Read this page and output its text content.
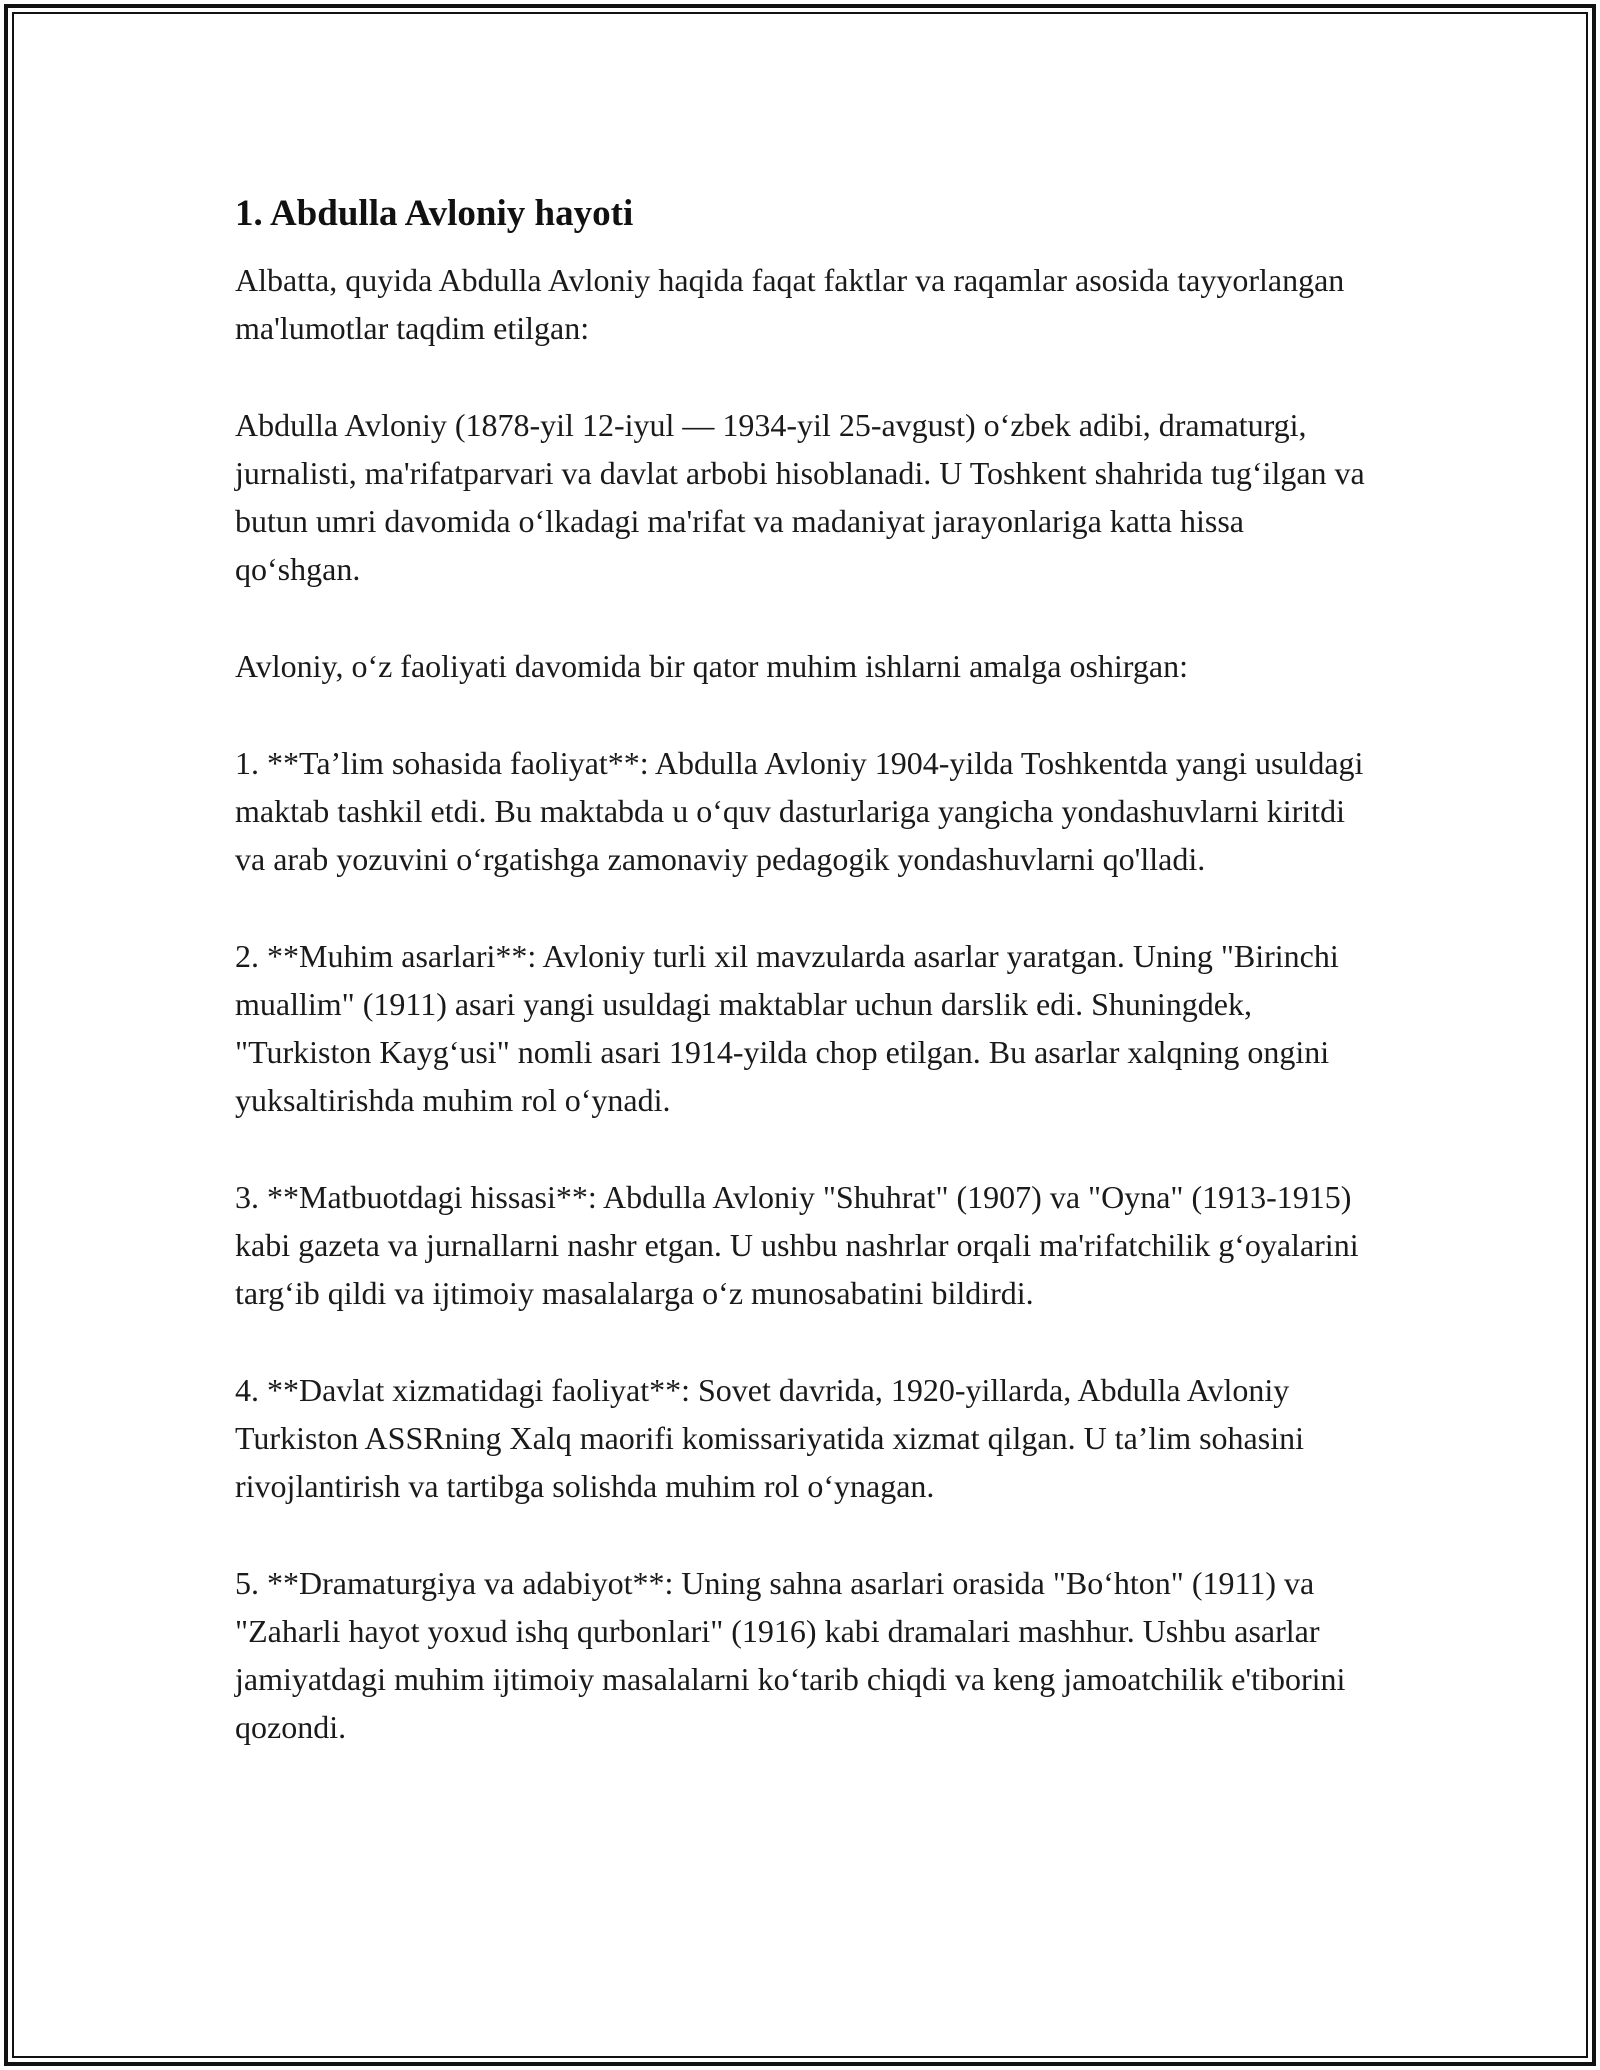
1. Abdulla Avloniy hayoti

Albatta, quyida Abdulla Avloniy haqida faqat faktlar va raqamlar asosida tayyorlangan ma'lumotlar taqdim etilgan:

Abdulla Avloniy (1878-yil 12-iyul — 1934-yil 25-avgust) o‘zbek adibi, dramaturgi, jurnalisti, ma'rifatparvari va davlat arbobi hisoblanadi. U Toshkent shahrida tug‘ilgan va butun umri davomida o‘lkadagi ma'rifat va madaniyat jarayonlariga katta hissa qo‘shgan.

Avloniy, o‘z faoliyati davomida bir qator muhim ishlarni amalga oshirgan:

1. **Ta’lim sohasida faoliyat**: Abdulla Avloniy 1904-yilda Toshkentda yangi usuldagi maktab tashkil etdi. Bu maktabda u o‘quv dasturlariga yangicha yondashuvlarni kiritdi va arab yozuvini o‘rgatishga zamonaviy pedagogik yondashuvlarni qo'lladi.

2. **Muhim asarlari**: Avloniy turli xil mavzularda asarlar yaratgan. Uning "Birinchi muallim" (1911) asari yangi usuldagi maktablar uchun darslik edi. Shuningdek, "Turkiston Kayg‘usi" nomli asari 1914-yilda chop etilgan. Bu asarlar xalqning ongini yuksaltirishda muhim rol o‘ynadi.

3. **Matbuotdagi hissasi**: Abdulla Avloniy "Shuhrat" (1907) va "Oyna" (1913-1915) kabi gazeta va jurnallarni nashr etgan. U ushbu nashrlar orqali ma'rifatchilik g‘oyalarini targ‘ib qildi va ijtimoiy masalalarga o‘z munosabatini bildirdi.

4. **Davlat xizmatidagi faoliyat**: Sovet davrida, 1920-yillarda, Abdulla Avloniy Turkiston ASSRning Xalq maorifi komissariyatida xizmat qilgan. U ta’lim sohasini rivojlantirish va tartibga solishda muhim rol o‘ynagan.

5. **Dramaturgiya va adabiyot**: Uning sahna asarlari orasida "Bo‘hton" (1911) va "Zaharli hayot yoxud ishq qurbonlari" (1916) kabi dramalari mashhur. Ushbu asarlar jamiyatdagi muhim ijtimoiy masalalarni ko‘tarib chiqdi va keng jamoatchilik e'tiborini qozondi.
